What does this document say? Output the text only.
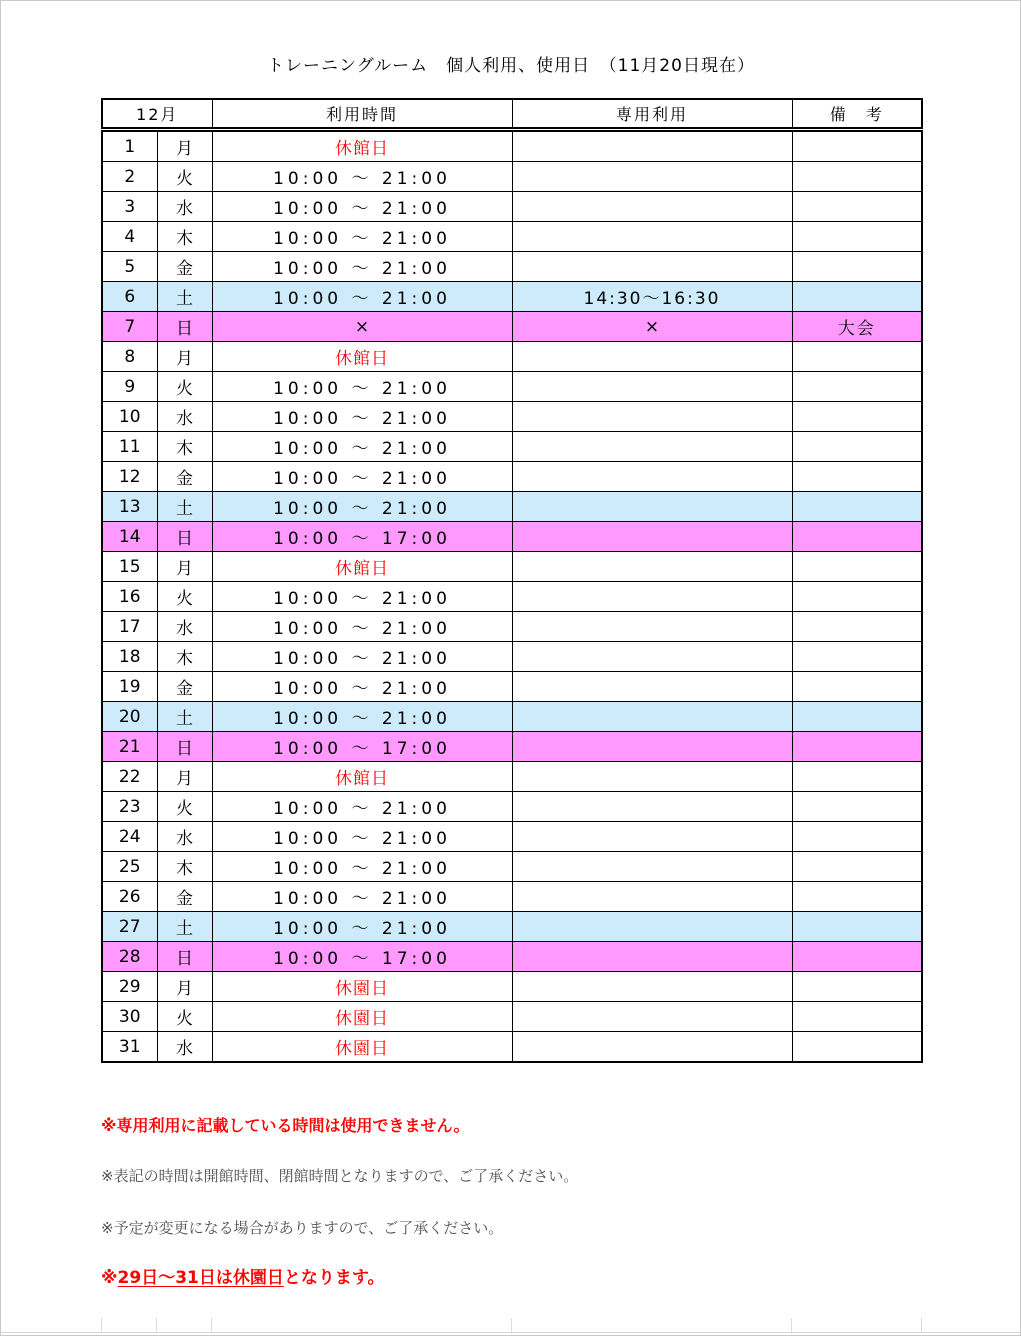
トレーニングルーム　個人利用、使用日　（11月20日現在）
12月		利用時間	専用利用	備　考
1	月	休館日		
2	火	10:00 ～ 21:00		
3	水	10:00 ～ 21:00		
4	木	10:00 ～ 21:00		
5	金	10:00 ～ 21:00		
6	土	10:00 ～ 21:00	14:30～16:30	
7	日	×	×	大会
8	月	休館日		
9	火	10:00 ～ 21:00		
10	水	10:00 ～ 21:00		
11	木	10:00 ～ 21:00		
12	金	10:00 ～ 21:00		
13	土	10:00 ～ 21:00		
14	日	10:00 ～ 17:00		
15	月	休館日		
16	火	10:00 ～ 21:00		
17	水	10:00 ～ 21:00		
18	木	10:00 ～ 21:00		
19	金	10:00 ～ 21:00		
20	土	10:00 ～ 21:00		
21	日	10:00 ～ 17:00		
22	月	休館日		
23	火	10:00 ～ 21:00		
24	水	10:00 ～ 21:00		
25	木	10:00 ～ 21:00		
26	金	10:00 ～ 21:00		
27	土	10:00 ～ 21:00		
28	日	10:00 ～ 17:00		
29	月	休園日		
30	火	休園日		
31	水	休園日		
※専用利用に記載している時間は使用できません。
※表記の時間は開館時間、閉館時間となりますので、ご了承ください。
※予定が変更になる場合がありますので、ご了承ください。
※29日～31日は休園日となります。
